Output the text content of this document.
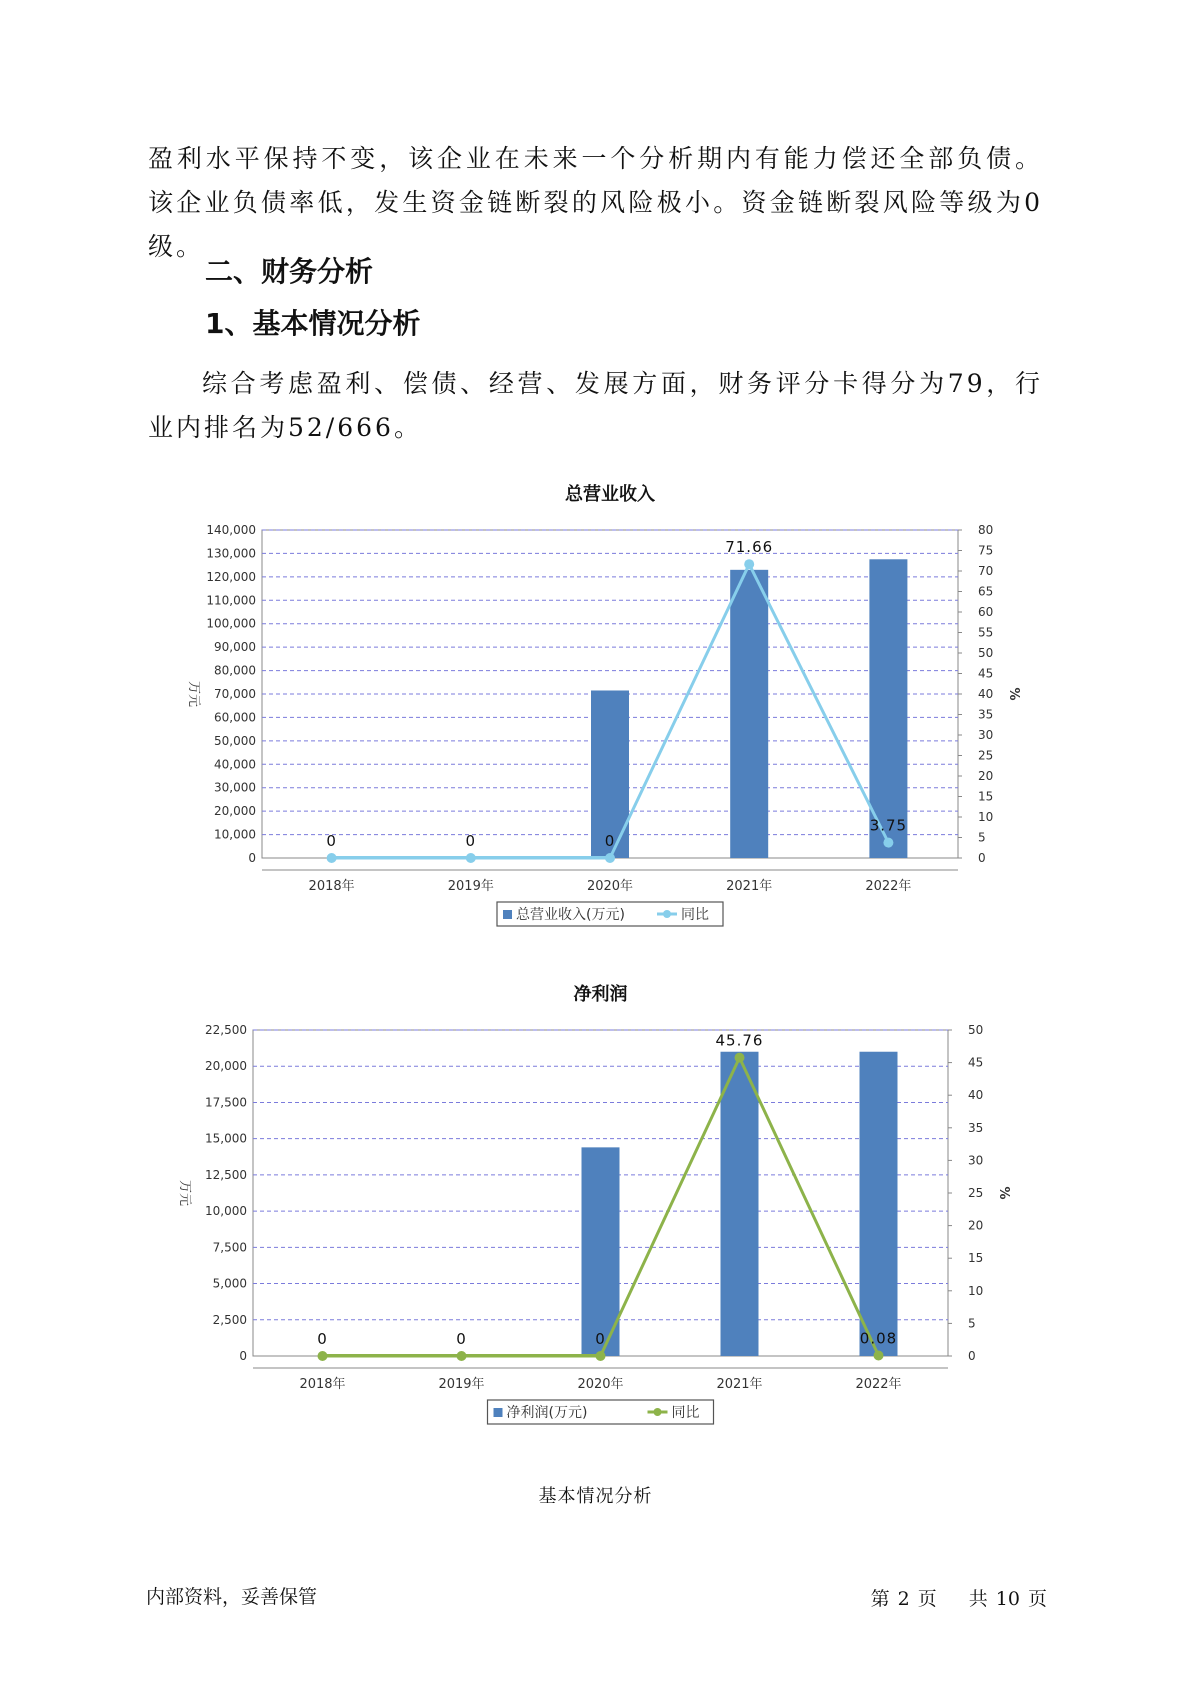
盈利水平保持不变，该企业在未来一个分析期内有能力偿还全部负债。该企业负债率低，发生资金链断裂的风险极小。资金链断裂风险等级为0级。

二、财务分析
1、基本情况分析

综合考虑盈利、偿债、经营、发展方面，财务评分卡得分为79，行业内排名为52/666。

总营业收入
0
10,000
20,000
30,000
40,000
50,000
60,000
70,000
80,000
90,000
100,000
110,000
120,000
130,000
140,000
0
5
10
15
20
25
30
35
40
45
50
55
60
65
70
75
80
万元	%
2018年	2019年	2020年	2021年	2022年
0	0	0
71.66
3.75
总营业收入(万元)	同比
净利润
0
2,500
5,000
7,500
10,000
12,500
15,000
17,500
20,000
22,500
0
5
10
15
20
25
30
35
40
45
50
万元	%
2018年	2019年	2020年	2021年	2022年
0	0	0
45.76
0.08
净利润(万元)	同比

基本情况分析

内部资料，妥善保管	第 2 页 共 10 页
